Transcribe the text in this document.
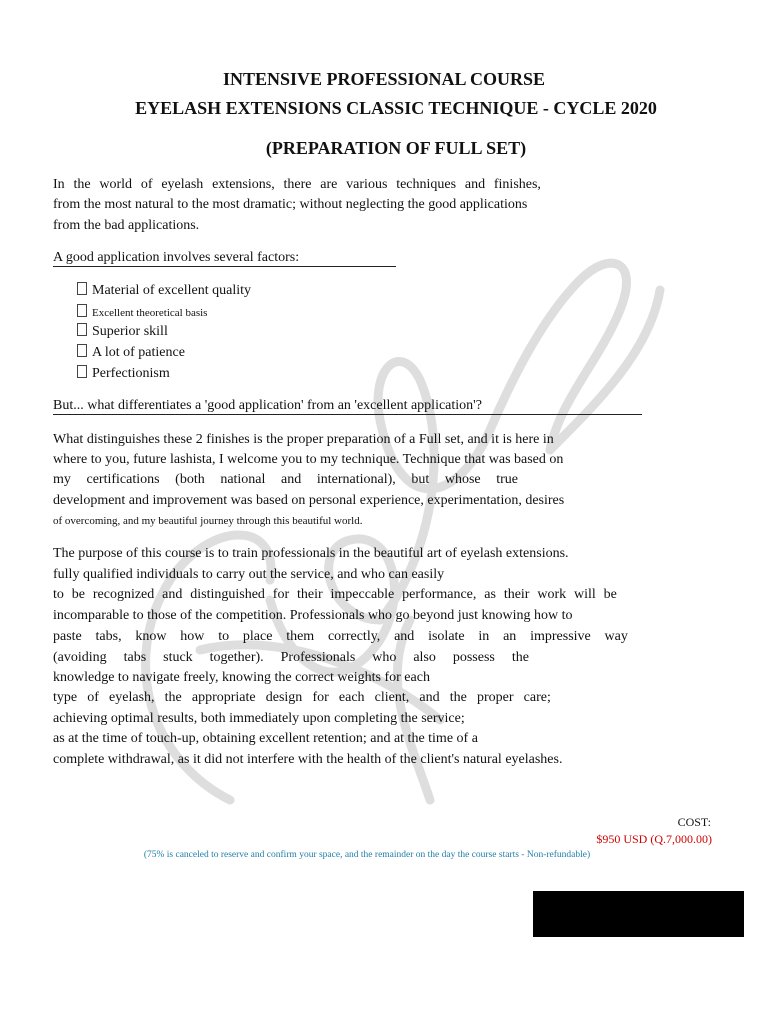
INTENSIVE PROFESSIONAL COURSE
EYELASH EXTENSIONS CLASSIC TECHNIQUE - CYCLE 2020
(PREPARATION OF FULL SET)
In the world of eyelash extensions, there are various techniques and finishes,
from the most natural to the most dramatic; without neglecting the good applications
from the bad applications.
A good application involves several factors:
Material of excellent quality
Excellent theoretical basis
Superior skill
A lot of patience
Perfectionism
But... what differentiates a 'good application' from an 'excellent application'?
What distinguishes these 2 finishes is the proper preparation of a Full set, and it is here in
where to you, future lashista, I welcome you to my technique. Technique that was based on
my certifications (both national and international), but whose true
development and improvement was based on personal experience, experimentation, desires
of overcoming, and my beautiful journey through this beautiful world.
The purpose of this course is to train professionals in the beautiful art of eyelash extensions.
fully qualified individuals to carry out the service, and who can easily
to be recognized and distinguished for their impeccable performance, as their work will be
incomparable to those of the competition. Professionals who go beyond just knowing how to
paste tabs, know how to place them correctly, and isolate in an impressive way
(avoiding tabs stuck together). Professionals who also possess the
knowledge to navigate freely, knowing the correct weights for each
type of eyelash, the appropriate design for each client, and the proper care;
achieving optimal results, both immediately upon completing the service;
as at the time of touch-up, obtaining excellent retention; and at the time of a
complete withdrawal, as it did not interfere with the health of the client's natural eyelashes.
COST:
$950 USD (Q.7,000.00)
(75% is canceled to reserve and confirm your space, and the remainder on the day the course starts - Non-refundable)
